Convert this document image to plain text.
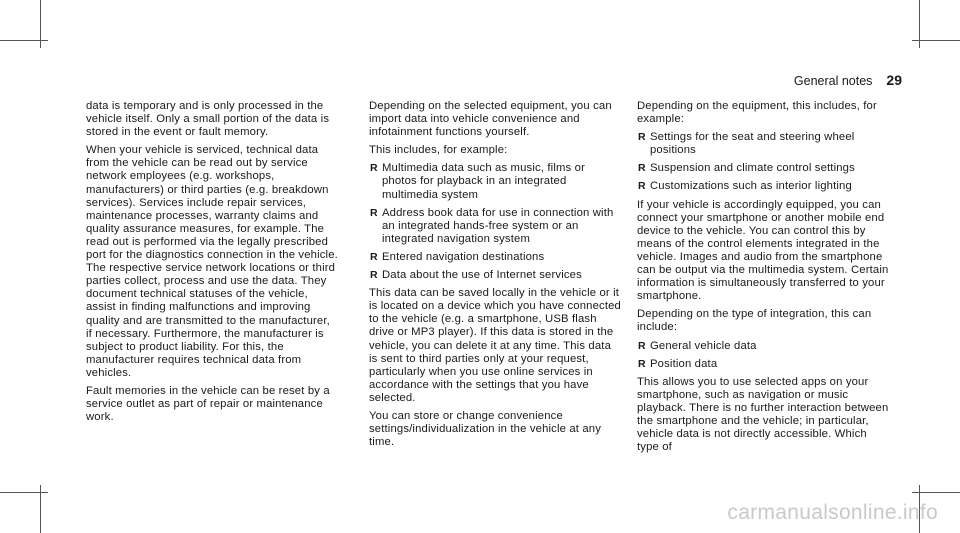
General notes 29

data is temporary and is only processed in the vehicle itself. Only a small portion of the data is stored in the event or fault memory.

When your vehicle is serviced, technical data from the vehicle can be read out by service network employees (e.g. workshops, manufacturers) or third parties (e.g. breakdown services). Services include repair services, maintenance processes, warranty claims and quality assurance measures, for example. The read out is performed via the legally prescribed port for the diagnostics connection in the vehicle. The respective service network locations or third parties collect, process and use the data. They document technical statuses of the vehicle, assist in finding malfunctions and improving quality and are transmitted to the manufacturer, if necessary. Furthermore, the manufacturer is subject to product liability. For this, the manufacturer requires technical data from vehicles.

Fault memories in the vehicle can be reset by a service outlet as part of repair or maintenance work.

Depending on the selected equipment, you can import data into vehicle convenience and infotainment functions yourself.

This includes, for example:

R Multimedia data such as music, films or photos for playback in an integrated multimedia system
R Address book data for use in connection with an integrated hands-free system or an integrated navigation system
R Entered navigation destinations
R Data about the use of Internet services

This data can be saved locally in the vehicle or it is located on a device which you have connected to the vehicle (e.g. a smartphone, USB flash drive or MP3 player). If this data is stored in the vehicle, you can delete it at any time. This data is sent to third parties only at your request, particularly when you use online services in accordance with the settings that you have selected.

You can store or change convenience settings/individualization in the vehicle at any time.

Depending on the equipment, this includes, for example:

R Settings for the seat and steering wheel positions
R Suspension and climate control settings
R Customizations such as interior lighting

If your vehicle is accordingly equipped, you can connect your smartphone or another mobile end device to the vehicle. You can control this by means of the control elements integrated in the vehicle. Images and audio from the smartphone can be output via the multimedia system. Certain information is simultaneously transferred to your smartphone.

Depending on the type of integration, this can include:

R General vehicle data
R Position data

This allows you to use selected apps on your smartphone, such as navigation or music playback. There is no further interaction between the smartphone and the vehicle; in particular, vehicle data is not directly accessible. Which type of

carmanualsonline.info
